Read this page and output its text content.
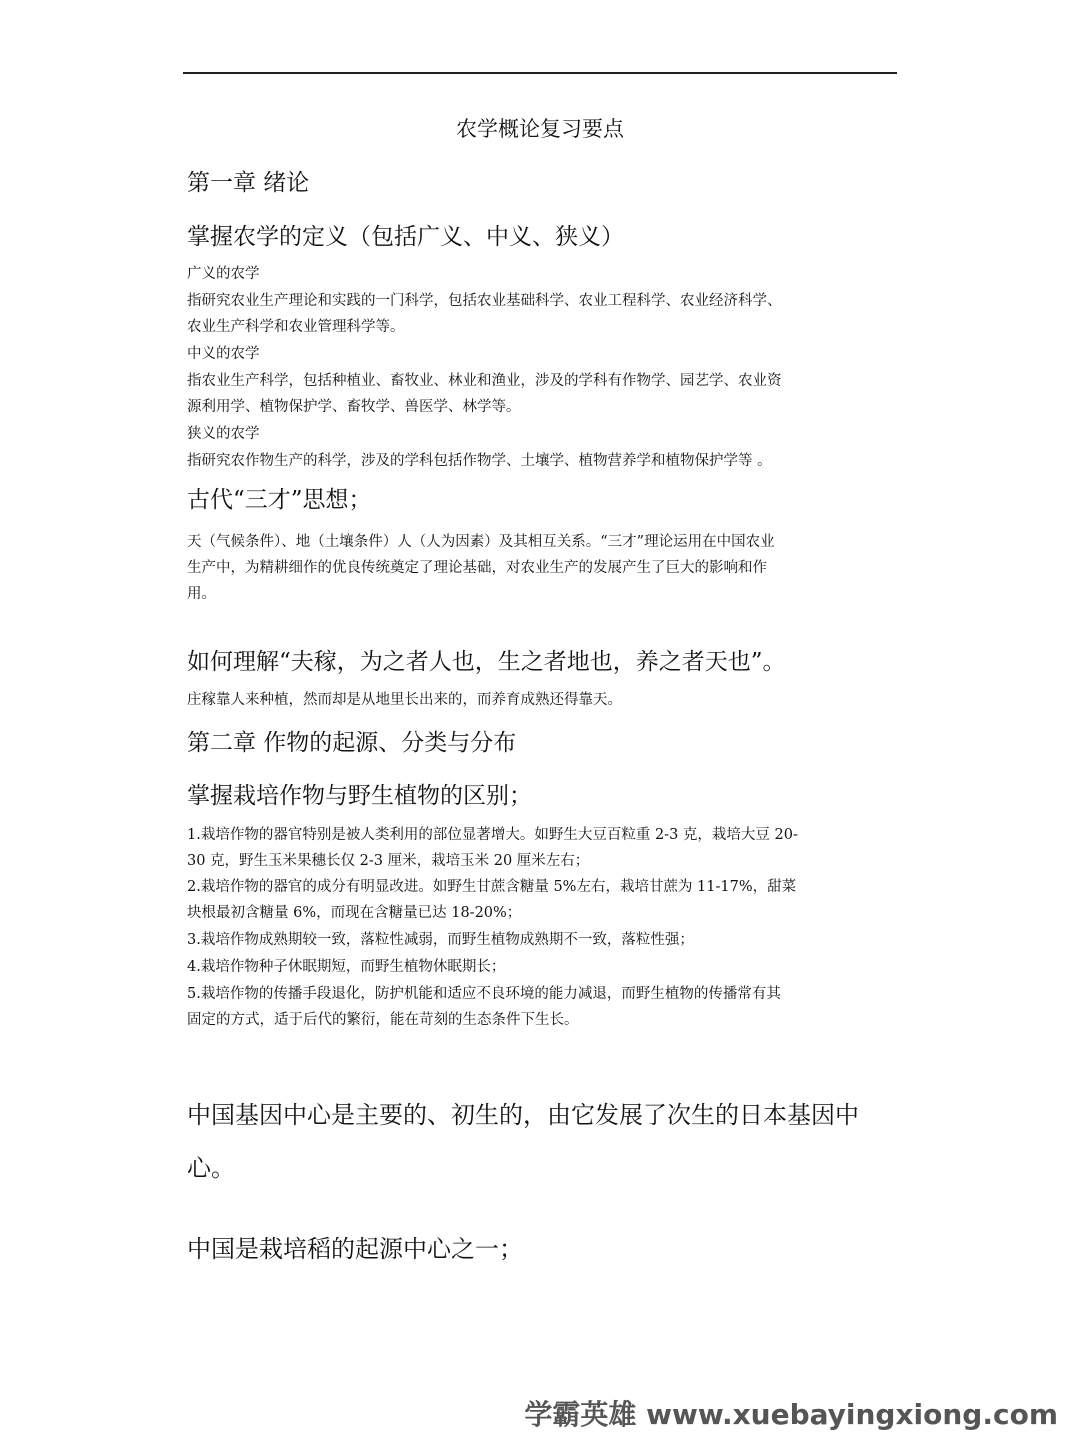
农学概论复习要点
第一章 绪论
掌握农学的定义（包括广义、中义、狭义）
广义的农学
指研究农业生产理论和实践的一门科学，包括农业基础科学、农业工程科学、农业经济科学、
农业生产科学和农业管理科学等。
中义的农学
指农业生产科学，包括种植业、畜牧业、林业和渔业，涉及的学科有作物学、园艺学、农业资
源利用学、植物保护学、畜牧学、兽医学、林学等。
狭义的农学
指研究农作物生产的科学，涉及的学科包括作物学、土壤学、植物营养学和植物保护学等 。
古代“三才”思想；
天（气候条件）、地（土壤条件）人（人为因素）及其相互关系。“三才”理论运用在中国农业
生产中，为精耕细作的优良传统奠定了理论基础，对农业生产的发展产生了巨大的影响和作
用。
如何理解“夫稼，为之者人也，生之者地也，养之者天也”。
庄稼靠人来种植，然而却是从地里长出来的，而养育成熟还得靠天。
第二章 作物的起源、分类与分布
掌握栽培作物与野生植物的区别；
1.栽培作物的器官特别是被人类利用的部位显著增大。如野生大豆百粒重 2-3 克，栽培大豆 20-
30 克，野生玉米果穗长仅 2-3 厘米，栽培玉米 20 厘米左右；
2.栽培作物的器官的成分有明显改进。如野生甘蔗含糖量 5%左右，栽培甘蔗为 11-17%，甜菜
块根最初含糖量 6%，而现在含糖量已达 18-20%；
3.栽培作物成熟期较一致，落粒性减弱，而野生植物成熟期不一致，落粒性强；
4.栽培作物种子休眠期短，而野生植物休眠期长；
5.栽培作物的传播手段退化，防护机能和适应不良环境的能力减退，而野生植物的传播常有其
固定的方式，适于后代的繁衍，能在苛刻的生态条件下生长。
中国基因中心是主要的、初生的，由它发展了次生的日本基因中
心。
中国是栽培稻的起源中心之一；
学霸英雄 www.xuebayingxiong.com
